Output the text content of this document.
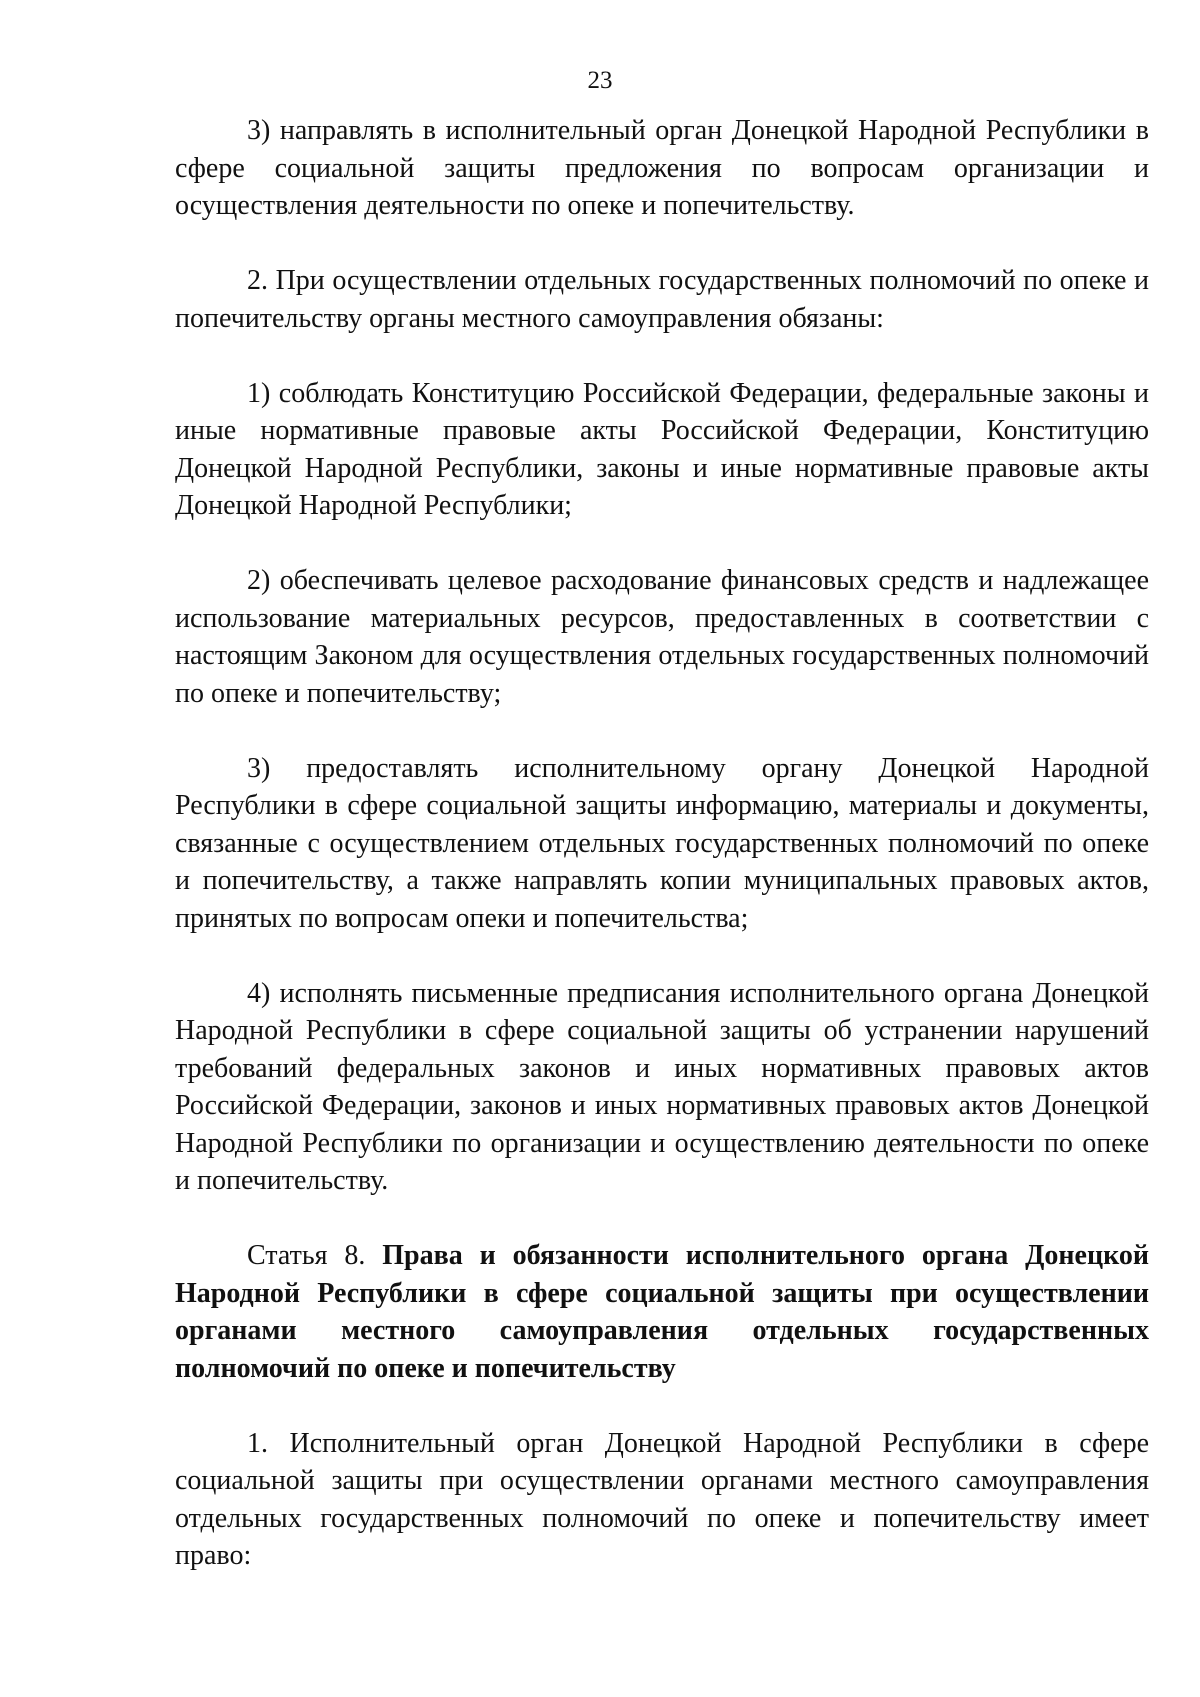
23

3) направлять в исполнительный орган Донецкой Народной Республики в сфере социальной защиты предложения по вопросам организации и осуществления деятельности по опеке и попечительству.

2. При осуществлении отдельных государственных полномочий по опеке и попечительству органы местного самоуправления обязаны:

1) соблюдать Конституцию Российской Федерации, федеральные законы и иные нормативные правовые акты Российской Федерации, Конституцию Донецкой Народной Республики, законы и иные нормативные правовые акты Донецкой Народной Республики;

2) обеспечивать целевое расходование финансовых средств и надлежащее использование материальных ресурсов, предоставленных в соответствии с настоящим Законом для осуществления отдельных государственных полномочий по опеке и попечительству;

3) предоставлять исполнительному органу Донецкой Народной Республики в сфере социальной защиты информацию, материалы и документы, связанные с осуществлением отдельных государственных полномочий по опеке и попечительству, а также направлять копии муниципальных правовых актов, принятых по вопросам опеки и попечительства;

4) исполнять письменные предписания исполнительного органа Донецкой Народной Республики в сфере социальной защиты об устранении нарушений требований федеральных законов и иных нормативных правовых актов Российской Федерации, законов и иных нормативных правовых актов Донецкой Народной Республики по организации и осуществлению деятельности по опеке и попечительству.

Статья 8. Права и обязанности исполнительного органа Донецкой Народной Республики в сфере социальной защиты при осуществлении органами местного самоуправления отдельных государственных полномочий по опеке и попечительству

1. Исполнительный орган Донецкой Народной Республики в сфере социальной защиты при осуществлении органами местного самоуправления отдельных государственных полномочий по опеке и попечительству имеет право:
